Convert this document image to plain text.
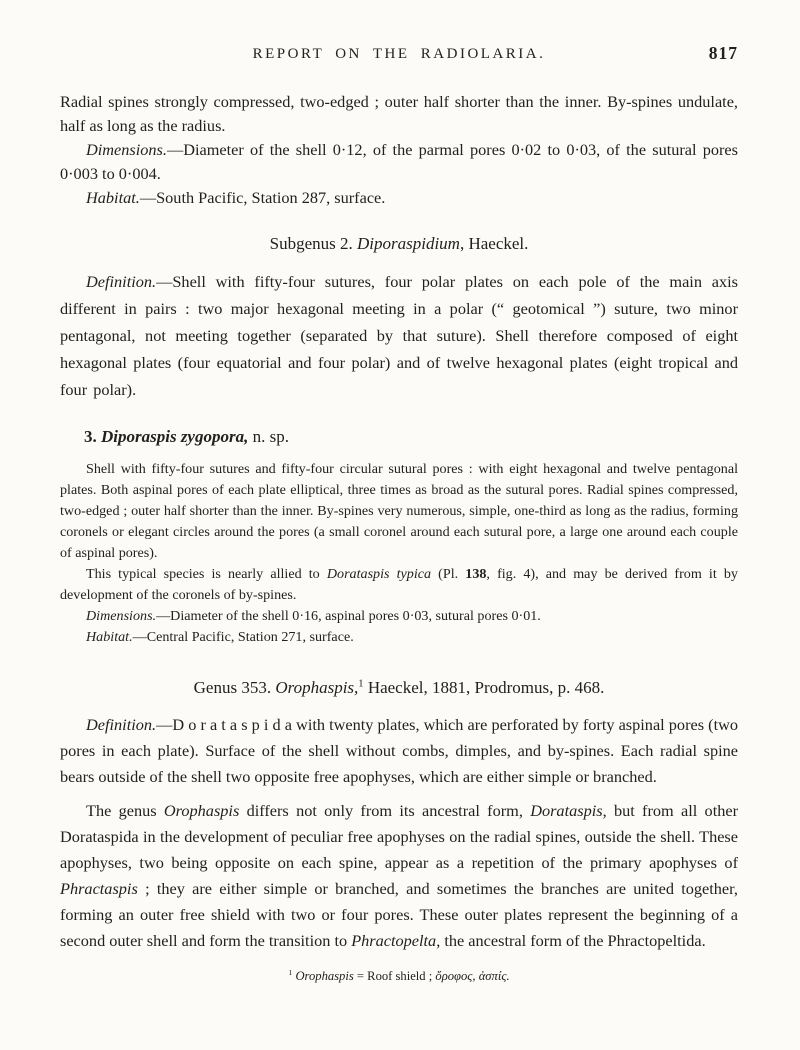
REPORT ON THE RADIOLARIA.	817

Radial spines strongly compressed, two-edged ; outer half shorter than the inner. By-spines undulate, half as long as the radius.

Dimensions.—Diameter of the shell 0·12, of the parmal pores 0·02 to 0·03, of the sutural pores 0·003 to 0·004.

Habitat.—South Pacific, Station 287, surface.

Subgenus 2. Diporaspidium, Haeckel.

Definition.—Shell with fifty-four sutures, four polar plates on each pole of the main axis different in pairs : two major hexagonal meeting in a polar (“ geotomical ”) suture, two minor pentagonal, not meeting together (separated by that suture). Shell therefore composed of eight hexagonal plates (four equatorial and four polar) and of twelve hexagonal plates (eight tropical and four polar).

3. Diporaspis zygopora, n. sp.

Shell with fifty-four sutures and fifty-four circular sutural pores : with eight hexagonal and twelve pentagonal plates. Both aspinal pores of each plate elliptical, three times as broad as the sutural pores. Radial spines compressed, two-edged ; outer half shorter than the inner. By-spines very numerous, simple, one-third as long as the radius, forming coronels or elegant circles around the pores (a small coronel around each sutural pore, a large one around each couple of aspinal pores).

This typical species is nearly allied to Dorataspis typica (Pl. 138, fig. 4), and may be derived from it by development of the coronels of by-spines.

Dimensions.—Diameter of the shell 0·16, aspinal pores 0·03, sutural pores 0·01.

Habitat.—Central Pacific, Station 271, surface.

Genus 353. Orophaspis,$^1$ Haeckel, 1881, Prodromus, p. 468.

Definition.—D o r a t a s p i d a with twenty plates, which are perforated by forty aspinal pores (two pores in each plate). Surface of the shell without combs, dimples, and by-spines. Each radial spine bears outside of the shell two opposite free apophyses, which are either simple or branched.

The genus Orophaspis differs not only from its ancestral form, Dorataspis, but from all other Dorataspida in the development of peculiar free apophyses on the radial spines, outside the shell. These apophyses, two being opposite on each spine, appear as a repetition of the primary apophyses of Phractaspis ; they are either simple or branched, and sometimes the branches are united together, forming an outer free shield with two or four pores. These outer plates represent the beginning of a second outer shell and form the transition to Phractopelta, the ancestral form of the Phractopeltida.

$^1$ Orophaspis = Roof shield ; ὄροφος, ἀσπίς.
